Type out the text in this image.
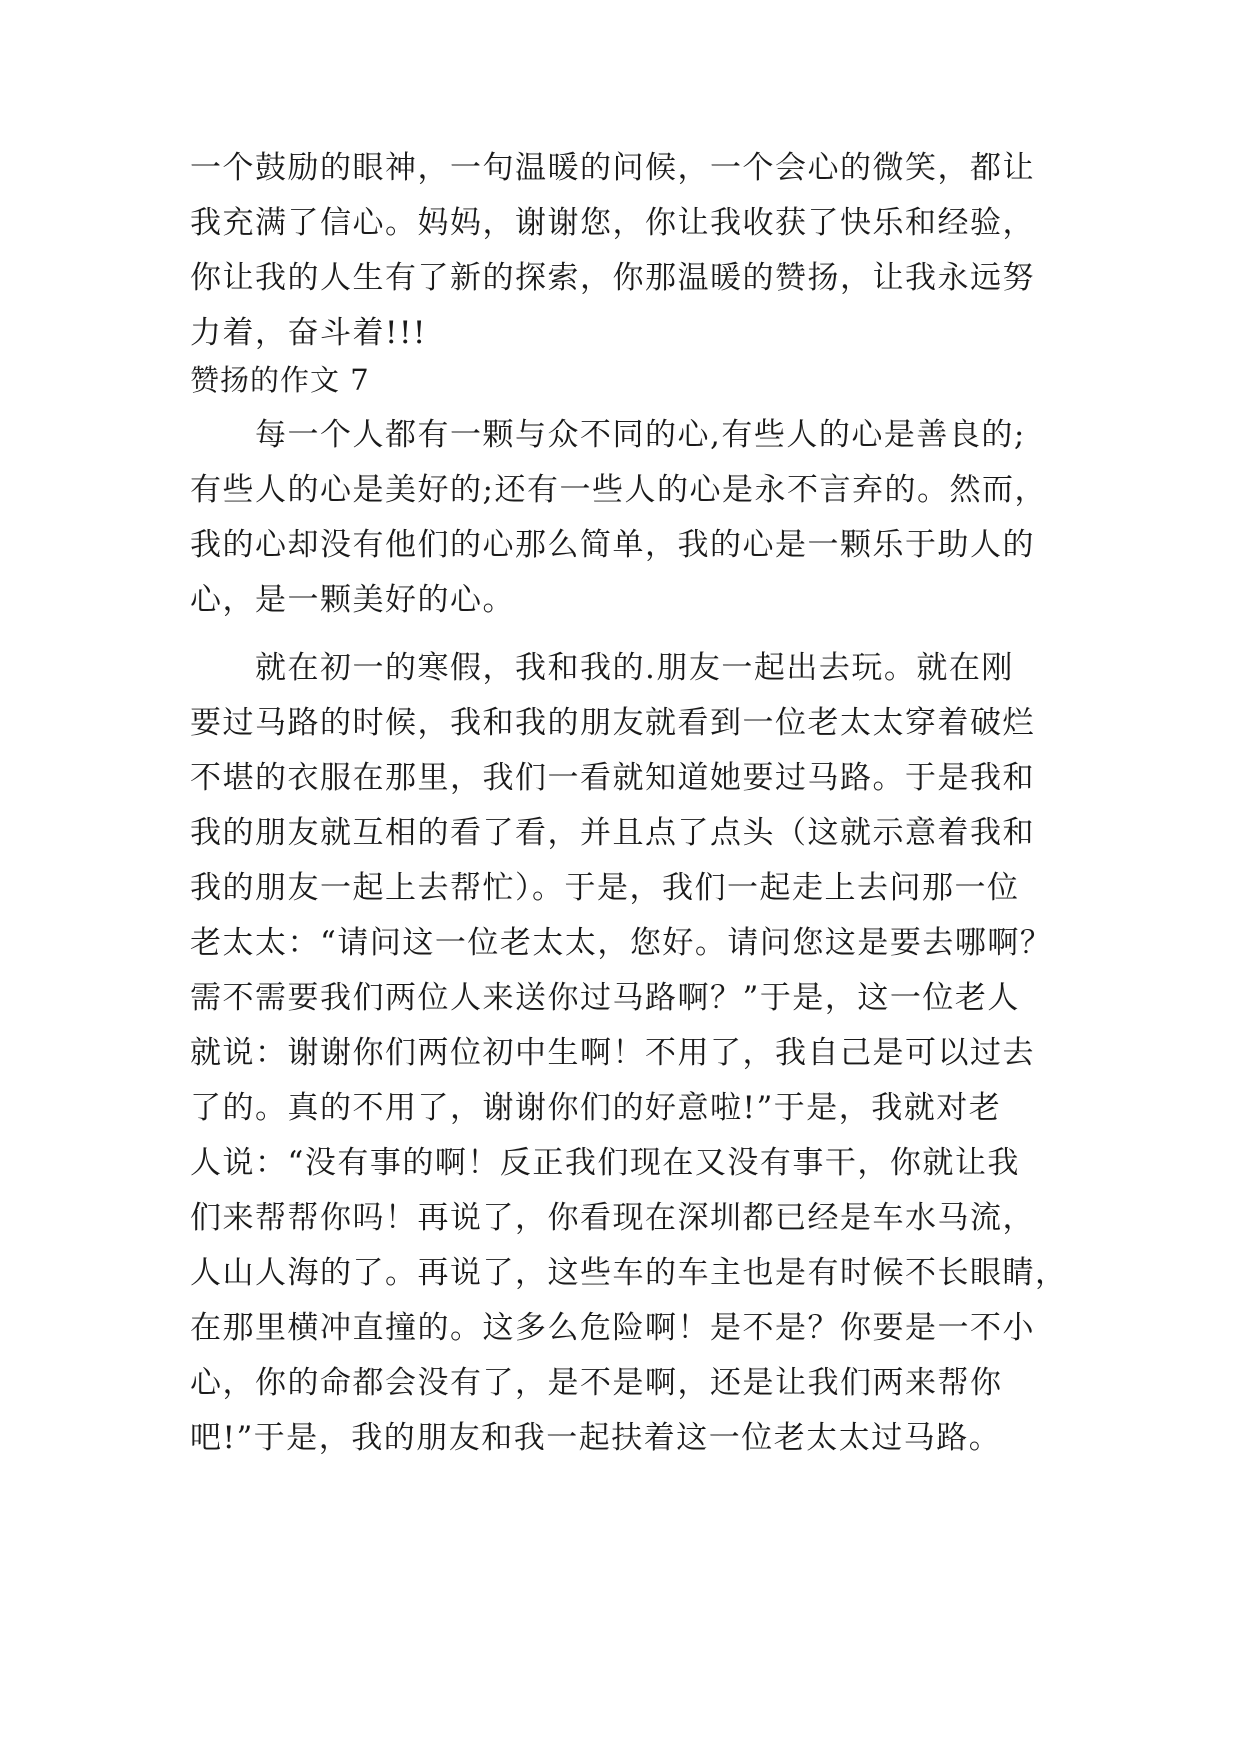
一个鼓励的眼神，一句温暖的问候，一个会心的微笑，都让
我充满了信心。妈妈，谢谢您，你让我收获了快乐和经验，
你让我的人生有了新的探索，你那温暖的赞扬，让我永远努
力着，奋斗着!!!
赞扬的作文 7
　　每一个人都有一颗与众不同的心,有些人的心是善良的;
有些人的心是美好的;还有一些人的心是永不言弃的。然而，
我的心却没有他们的心那么简单，我的心是一颗乐于助人的
心，是一颗美好的心。
　　就在初一的寒假，我和我的.朋友一起出去玩。就在刚
要过马路的时候，我和我的朋友就看到一位老太太穿着破烂
不堪的衣服在那里，我们一看就知道她要过马路。于是我和
我的朋友就互相的看了看，并且点了点头（这就示意着我和
我的朋友一起上去帮忙）。于是，我们一起走上去问那一位
老太太：“请问这一位老太太，您好。请问您这是要去哪啊？
需不需要我们两位人来送你过马路啊？”于是，这一位老人
就说：谢谢你们两位初中生啊！不用了，我自己是可以过去
了的。真的不用了，谢谢你们的好意啦!”于是，我就对老
人说：“没有事的啊！反正我们现在又没有事干，你就让我
们来帮帮你吗！再说了，你看现在深圳都已经是车水马流，
人山人海的了。再说了，这些车的车主也是有时候不长眼睛，
在那里横冲直撞的。这多么危险啊！是不是？你要是一不小
心，你的命都会没有了，是不是啊，还是让我们两来帮你
吧!”于是，我的朋友和我一起扶着这一位老太太过马路。
